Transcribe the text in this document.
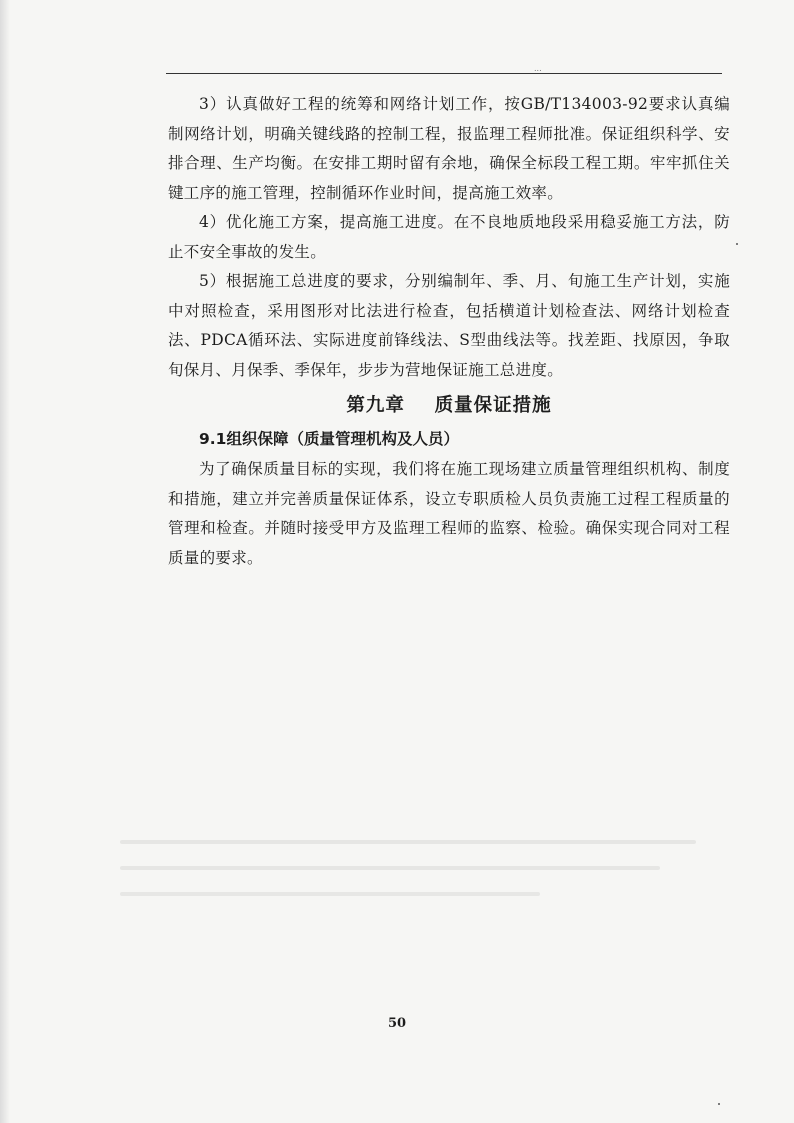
...

3）认真做好工程的统筹和网络计划工作，按GB/T134003-92要求认真编制网络计划，明确关键线路的控制工程，报监理工程师批准。保证组织科学、安排合理、生产均衡。在安排工期时留有余地，确保全标段工程工期。牢牢抓住关键工序的施工管理，控制循环作业时间，提高施工效率。

4）优化施工方案，提高施工进度。在不良地质地段采用稳妥施工方法，防止不安全事故的发生。

5）根据施工总进度的要求，分别编制年、季、月、旬施工生产计划，实施中对照检查，采用图形对比法进行检查，包括横道计划检查法、网络计划检查法、PDCA循环法、实际进度前锋线法、S型曲线法等。找差距、找原因，争取旬保月、月保季、季保年，步步为营地保证施工总进度。

第九章    质量保证措施
9.1组织保障（质量管理机构及人员）

为了确保质量目标的实现，我们将在施工现场建立质量管理组织机构、制度和措施，建立并完善质量保证体系，设立专职质检人员负责施工过程工程质量的管理和检查。并随时接受甲方及监理工程师的监察、检验。确保实现合同对工程质量的要求。

50
